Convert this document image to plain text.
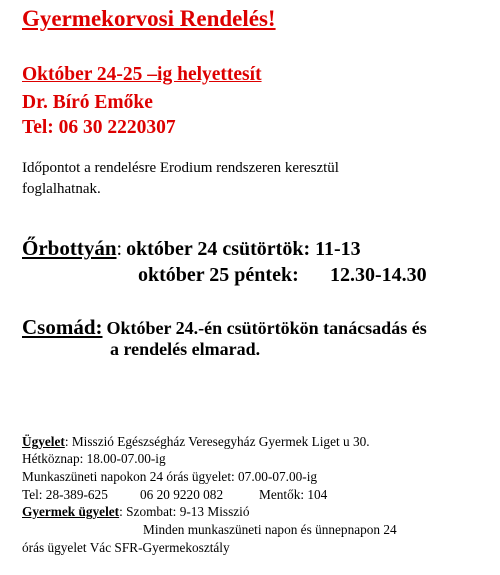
Gyermekorvosi Rendelés!
Október 24-25 –ig helyettesít
Dr. Bíró Emőke
Tel: 06 30 2220307
Időpontot a rendelésre Erodium rendszeren keresztül
foglalhatnak.
Őrbottyán: október 24 csütörtök: 11-13
október 25 péntek: 12.30-14.30
Csomád: Október 24.-én csütörtökön tanácsadás és
a rendelés elmarad.
Ügyelet: Misszió Egészségház Veresegyház Gyermek Liget u 30.
Hétköznap: 18.00-07.00-ig
Munkaszüneti napokon 24 órás ügyelet: 07.00-07.00-ig
Tel: 28-389-625 06 20 9220 082	Mentők: 104
Gyermek ügyelet: Szombat: 9-13 Misszió
Minden munkaszüneti napon és ünnepnapon 24
órás ügyelet Vác SFR-Gyermekosztály
